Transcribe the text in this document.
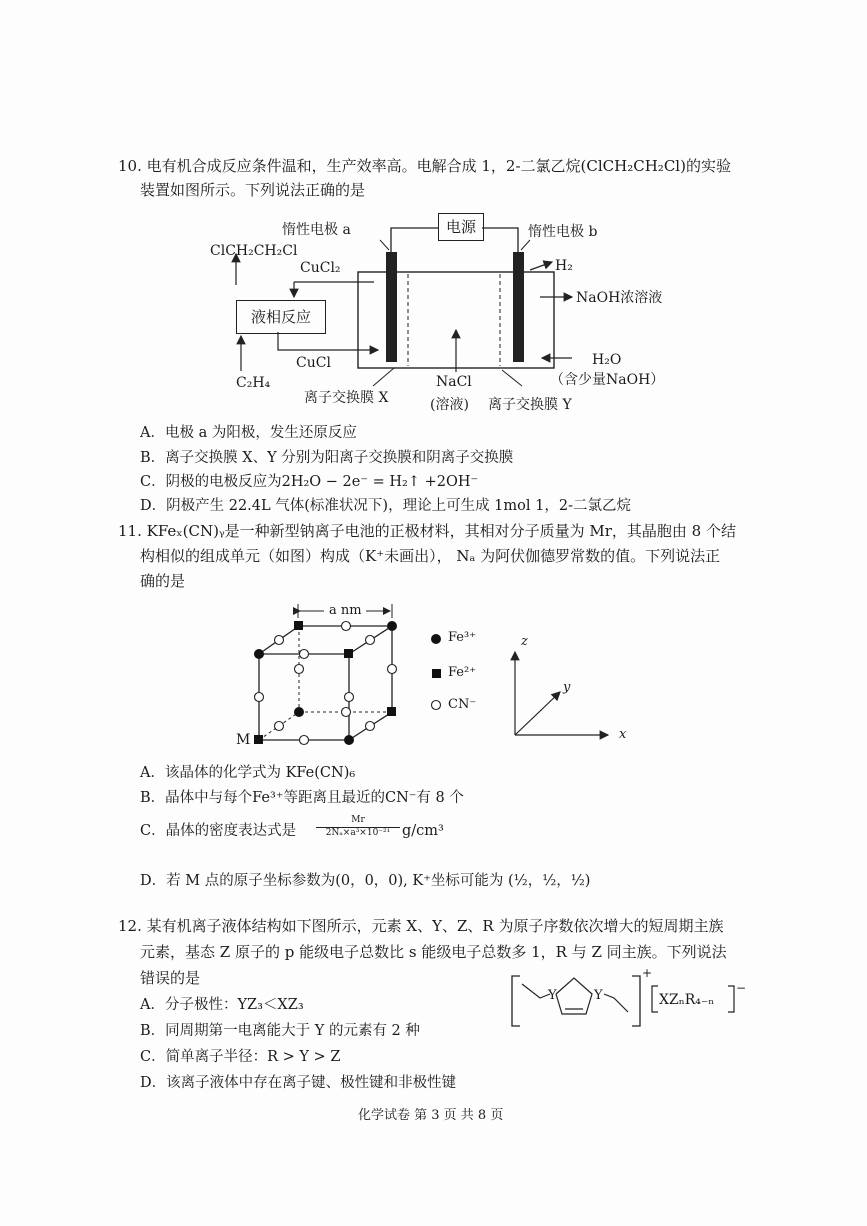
10. 电有机合成反应条件温和，生产效率高。电解合成 1，2-二氯乙烷(ClCH₂CH₂Cl)的实验
装置如图所示。下列说法正确的是
电源
液相反应
惰性电极 a	惰性电极 b
ClCH₂CH₂Cl
CuCl₂
CuCl
C₂H₄
H₂
NaOH浓溶液
H₂O
（含少量NaOH）
离子交换膜 X
NaCl
(溶液) 离子交换膜 Y
A．电极 a 为阳极，发生还原反应
B．离子交换膜 X、Y 分别为阳离子交换膜和阴离子交换膜
C．阴极的电极反应为2H₂O − 2e⁻ = H₂↑ +2OH⁻
D．阴极产生 22.4L 气体(标准状况下)，理论上可生成 1mol 1，2-二氯乙烷
11. KFeₓ(CN)ᵧ是一种新型钠离子电池的正极材料，其相对分子质量为 Mr，其晶胞由 8 个结
构相似的组成单元（如图）构成（K⁺未画出）， Nₐ 为阿伏伽德罗常数的值。下列说法正
确的是
a nm
Fe³⁺
Fe²⁺
CN⁻
M
z
y
x
A．该晶体的化学式为 KFe(CN)₆
B．晶体中与每个Fe³⁺等距离且最近的CN⁻有 8 个
C．晶体的密度表达式是 $\frac{Mr}{\text{2Nₐ×a³×10⁻²¹}} g/cm^3$
D．若 M 点的原子坐标参数为(0，0，0), K⁺坐标可能为 (½，½，½)
12. 某有机离子液体结构如下图所示，元素 X、Y、Z、R 为原子序数依次增大的短周期主族
元素，基态 Z 原子的 p 能级电子总数比 s 能级电子总数多 1，R 与 Z 同主族。下列说法
错误的是
Y	Y
+
XZₙR₄₋ₙ
−
A．分子极性：YZ₃＜XZ₃
B．同周期第一电离能大于 Y 的元素有 2 种
C．简单离子半径：R > Y > Z
D．该离子液体中存在离子键、极性键和非极性键
化学试卷 第 3 页 共 8 页
